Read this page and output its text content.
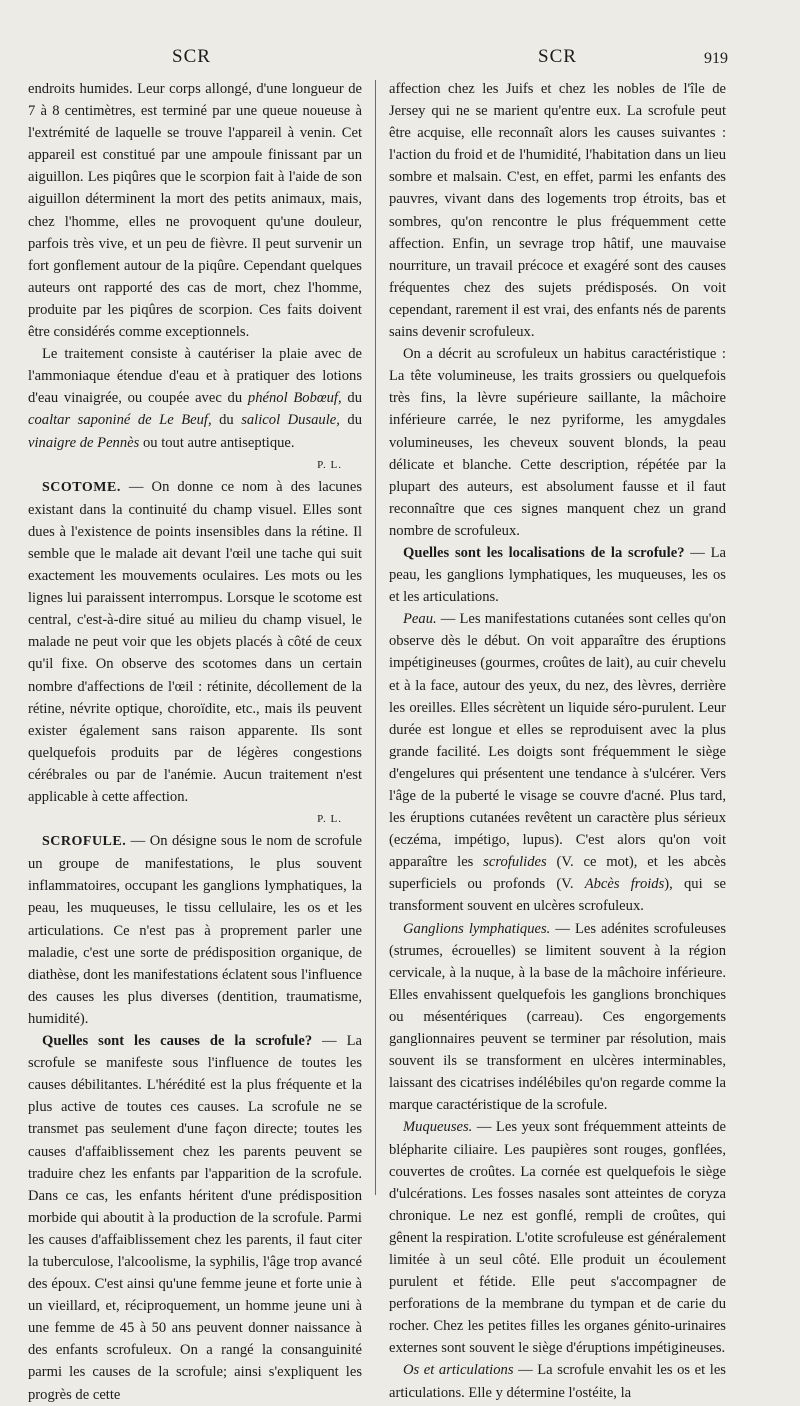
SCR	SCR	919

endroits humides. Leur corps allongé, d'une longueur de 7 à 8 centimètres, est terminé par une queue noueuse à l'extrémité de laquelle se trouve l'appareil à venin. Cet appareil est constitué par une ampoule finissant par un aiguillon. Les piqûres que le scorpion fait à l'aide de son aiguillon déterminent la mort des petits animaux, mais, chez l'homme, elles ne provoquent qu'une douleur, parfois très vive, et un peu de fièvre. Il peut survenir un fort gonflement autour de la piqûre. Cependant quelques auteurs ont rapporté des cas de mort, chez l'homme, produite par les piqûres de scorpion. Ces faits doivent être considérés comme exceptionnels.

Le traitement consiste à cautériser la plaie avec de l'ammoniaque étendue d'eau et à pratiquer des lotions d'eau vinaigrée, ou coupée avec du phénol Bobœuf, du coaltar saponiné de Le Beuf, du salicol Dusaule, du vinaigre de Pennès ou tout autre antiseptique.

P. L.

SCOTOME. — On donne ce nom à des lacunes existant dans la continuité du champ visuel. Elles sont dues à l'existence de points insensibles dans la rétine. Il semble que le malade ait devant l'œil une tache qui suit exactement les mouvements oculaires. Les mots ou les lignes lui paraissent interrompus. Lorsque le scotome est central, c'est-à-dire situé au milieu du champ visuel, le malade ne peut voir que les objets placés à côté de ceux qu'il fixe. On observe des scotomes dans un certain nombre d'affections de l'œil : rétinite, décollement de la rétine, névrite optique, choroïdite, etc., mais ils peuvent exister également sans raison apparente. Ils sont quelquefois produits par de légères congestions cérébrales ou par de l'anémie. Aucun traitement n'est applicable à cette affection.

P. L.

SCROFULE. — On désigne sous le nom de scrofule un groupe de manifestations, le plus souvent inflammatoires, occupant les ganglions lymphatiques, la peau, les muqueuses, le tissu cellulaire, les os et les articulations. Ce n'est pas à proprement parler une maladie, c'est une sorte de prédisposition organique, de diathèse, dont les manifestations éclatent sous l'influence des causes les plus diverses (dentition, traumatisme, humidité).

Quelles sont les causes de la scrofule? — La scrofule se manifeste sous l'influence de toutes les causes débilitantes. L'hérédité est la plus fréquente et la plus active de toutes ces causes. La scrofule ne se transmet pas seulement d'une façon directe; toutes les causes d'affaiblissement chez les parents peuvent se traduire chez les enfants par l'apparition de la scrofule. Dans ce cas, les enfants héritent d'une prédisposition morbide qui aboutit à la production de la scrofule. Parmi les causes d'affaiblissement chez les parents, il faut citer la tuberculose, l'alcoolisme, la syphilis, l'âge trop avancé des époux. C'est ainsi qu'une femme jeune et forte unie à un vieillard, et, réciproquement, un homme jeune uni à une femme de 45 à 50 ans peuvent donner naissance à des enfants scrofuleux. On a rangé la consanguinité parmi les causes de la scrofule; ainsi s'expliquent les progrès de cette

affection chez les Juifs et chez les nobles de l'île de Jersey qui ne se marient qu'entre eux. La scrofule peut être acquise, elle reconnaît alors les causes suivantes : l'action du froid et de l'humidité, l'habitation dans un lieu sombre et malsain. C'est, en effet, parmi les enfants des pauvres, vivant dans des logements trop étroits, bas et sombres, qu'on rencontre le plus fréquemment cette affection. Enfin, un sevrage trop hâtif, une mauvaise nourriture, un travail précoce et exagéré sont des causes fréquentes chez des sujets prédisposés. On voit cependant, rarement il est vrai, des enfants nés de parents sains devenir scrofuleux.

On a décrit au scrofuleux un habitus caractéristique : La tête volumineuse, les traits grossiers ou quelquefois très fins, la lèvre supérieure saillante, la mâchoire inférieure carrée, le nez pyriforme, les amygdales volumineuses, les cheveux souvent blonds, la peau délicate et blanche. Cette description, répétée par la plupart des auteurs, est absolument fausse et il faut reconnaître que ces signes manquent chez un grand nombre de scrofuleux.

Quelles sont les localisations de la scrofule? — La peau, les ganglions lymphatiques, les muqueuses, les os et les articulations.

Peau. — Les manifestations cutanées sont celles qu'on observe dès le début. On voit apparaître des éruptions impétigineuses (gourmes, croûtes de lait), au cuir chevelu et à la face, autour des yeux, du nez, des lèvres, derrière les oreilles. Elles sécrètent un liquide séro-purulent. Leur durée est longue et elles se reproduisent avec la plus grande facilité. Les doigts sont fréquemment le siège d'engelures qui présentent une tendance à s'ulcérer. Vers l'âge de la puberté le visage se couvre d'acné. Plus tard, les éruptions cutanées revêtent un caractère plus sérieux (eczéma, impétigo, lupus). C'est alors qu'on voit apparaître les scrofulides (V. ce mot), et les abcès superficiels ou profonds (V. Abcès froids), qui se transforment souvent en ulcères scrofuleux.

Ganglions lymphatiques. — Les adénites scrofuleuses (strumes, écrouelles) se limitent souvent à la région cervicale, à la nuque, à la base de la mâchoire inférieure. Elles envahissent quelquefois les ganglions bronchiques ou mésentériques (carreau). Ces engorgements ganglionnaires peuvent se terminer par résolution, mais souvent ils se transforment en ulcères interminables, laissant des cicatrises indélébiles qu'on regarde comme la marque caractéristique de la scrofule.

Muqueuses. — Les yeux sont fréquemment atteints de blépharite ciliaire. Les paupières sont rouges, gonflées, couvertes de croûtes. La cornée est quelquefois le siège d'ulcérations. Les fosses nasales sont atteintes de coryza chronique. Le nez est gonflé, rempli de croûtes, qui gênent la respiration. L'otite scrofuleuse est généralement limitée à un seul côté. Elle produit un écoulement purulent et fétide. Elle peut s'accompagner de perforations de la membrane du tympan et de carie du rocher. Chez les petites filles les organes génito-urinaires externes sont souvent le siège d'éruptions impétigineuses.

Os et articulations — La scrofule envahit les os et les articulations. Elle y détermine l'ostéite, la
